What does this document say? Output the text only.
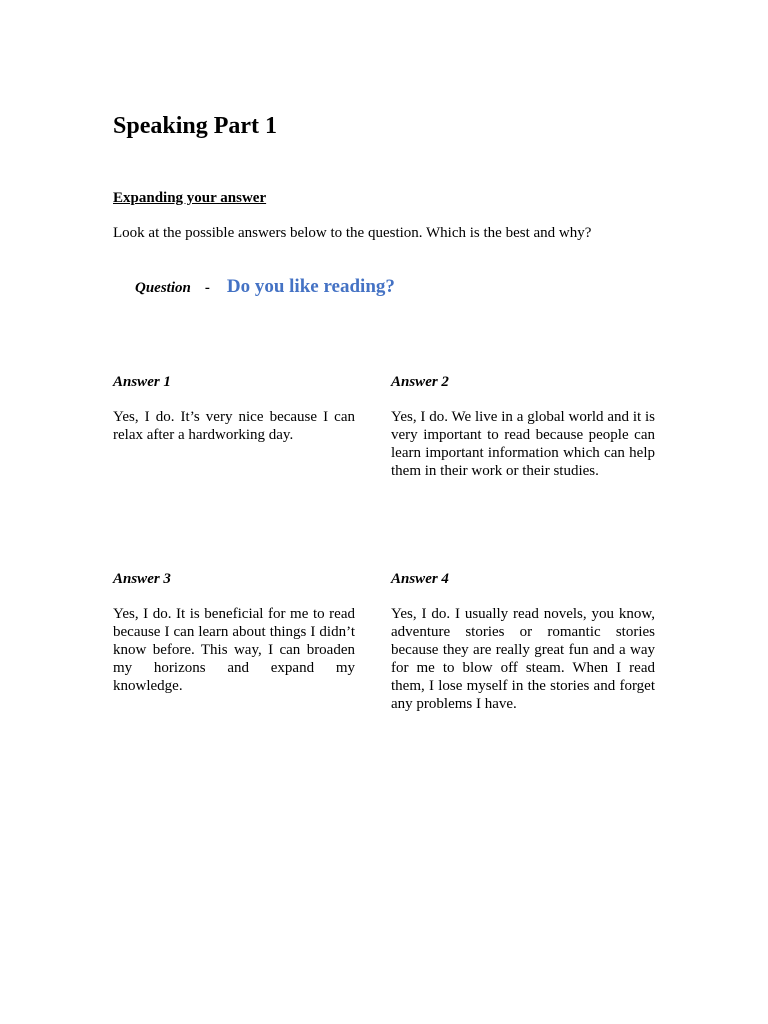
Speaking Part 1
Expanding your answer

Look at the possible answers below to the question. Which is the best and why?

Question - Do you like reading?
Answer 1

Yes, I do. It’s very nice because I can relax after a hardworking day.

Answer 2

Yes, I do. We live in a global world and it is very important to read because people can learn important information which can help them in their work or their studies.

Answer 3

Yes, I do. It is beneficial for me to read because I can learn about things I didn’t know before. This way, I can broaden my horizons and expand my knowledge.

Answer 4

Yes, I do. I usually read novels, you know, adventure stories or romantic stories because they are really great fun and a way for me to blow off steam. When I read them, I lose myself in the stories and forget any problems I have.
